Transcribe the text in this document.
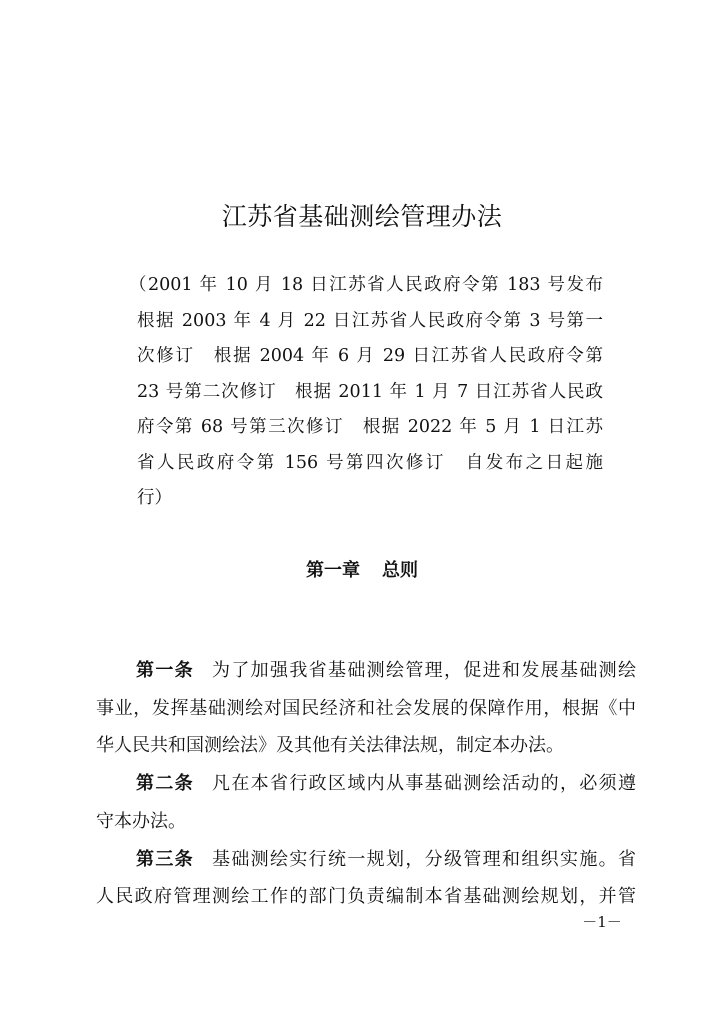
江苏省基础测绘管理办法
（2001 年 10 月 18 日江苏省人民政府令第 183 号发布
根据 2003 年 4 月 22 日江苏省人民政府令第 3 号第一
次修订　根据 2004 年 6 月 29 日江苏省人民政府令第
23 号第二次修订　根据 2011 年 1 月 7 日江苏省人民政
府令第 68 号第三次修订　根据 2022 年 5 月 1 日江苏
省人民政府令第 156 号第四次修订　自发布之日起施
行）
第一章 总则
第一条 为了加强我省基础测绘管理，促进和发展基础测绘
事业，发挥基础测绘对国民经济和社会发展的保障作用，根据《中
华人民共和国测绘法》及其他有关法律法规，制定本办法。
第二条 凡在本省行政区域内从事基础测绘活动的，必须遵
守本办法。
第三条 基础测绘实行统一规划，分级管理和组织实施。省
人民政府管理测绘工作的部门负责编制本省基础测绘规划，并管
－1－
